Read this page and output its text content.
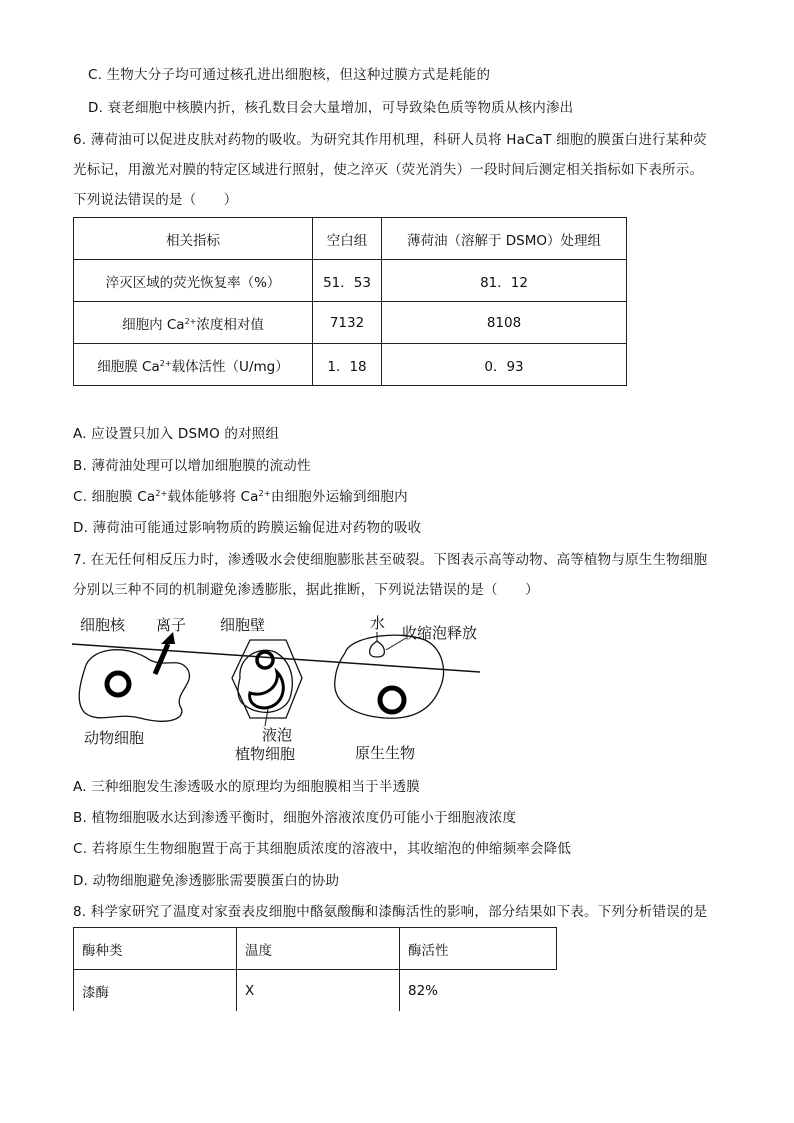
C. 生物大分子均可通过核孔进出细胞核，但这种过膜方式是耗能的
D. 衰老细胞中核膜内折，核孔数目会大量增加，可导致染色质等物质从核内渗出
6. 薄荷油可以促进皮肤对药物的吸收。为研究其作用机理，科研人员将 HaCaT 细胞的膜蛋白进行某种荧
光标记，用激光对膜的特定区域进行照射，使之淬灭（荧光消失）一段时间后测定相关指标如下表所示。
下列说法错误的是（　　）
相关指标	空白组	薄荷油（溶解于 DSMO）处理组
淬灭区域的荧光恢复率（%）	51．53	81．12
细胞内 $Ca^{2+}$浓度相对值	7132	8108
细胞膜 $Ca^{2+}$载体活性（U/mg）	1．18	0．93
A. 应设置只加入 DSMO 的对照组
B. 薄荷油处理可以增加细胞膜的流动性
C. 细胞膜 $Ca^{2+}$载体能够将 $Ca^{2+}$由细胞外运输到细胞内
D. 薄荷油可能通过影响物质的跨膜运输促进对药物的吸收
7. 在无任何相反压力时，渗透吸水会使细胞膨胀甚至破裂。下图表示高等动物、高等植物与原生生物细胞
分别以三种不同的机制避免渗透膨胀，据此推断，下列说法错误的是（　　）
细胞核 离子 细胞壁	水
收缩泡释放
动物细胞	液泡
植物细胞	原生生物
A. 三种细胞发生渗透吸水的原理均为细胞膜相当于半透膜
B. 植物细胞吸水达到渗透平衡时，细胞外溶液浓度仍可能小于细胞液浓度
C. 若将原生生物细胞置于高于其细胞质浓度的溶液中，其收缩泡的伸缩频率会降低
D. 动物细胞避免渗透膨胀需要膜蛋白的协助
8. 科学家研究了温度对家蚕表皮细胞中酪氨酸酶和漆酶活性的影响，部分结果如下表。下列分析错误的是
酶种类	温度	酶活性
漆酶	X	82%
